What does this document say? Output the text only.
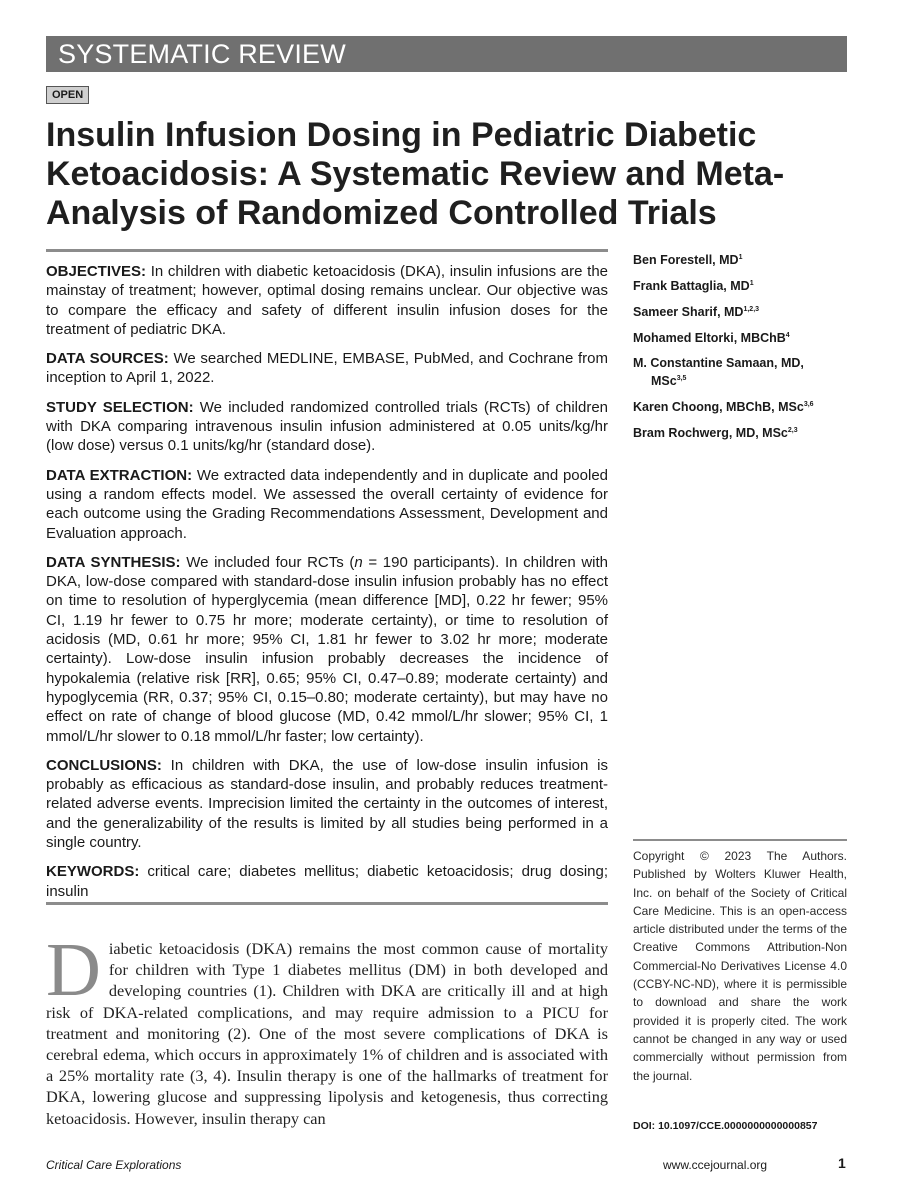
SYSTEMATIC REVIEW
OPEN
Insulin Infusion Dosing in Pediatric Diabetic Ketoacidosis: A Systematic Review and Meta-Analysis of Randomized Controlled Trials

OBJECTIVES: In children with diabetic ketoacidosis (DKA), insulin infusions are the mainstay of treatment; however, optimal dosing remains unclear. Our objective was to compare the efficacy and safety of different insulin infusion doses for the treatment of pediatric DKA.

DATA SOURCES: We searched MEDLINE, EMBASE, PubMed, and Cochrane from inception to April 1, 2022.

STUDY SELECTION: We included randomized controlled trials (RCTs) of children with DKA comparing intravenous insulin infusion administered at 0.05 units/kg/hr (low dose) versus 0.1 units/kg/hr (standard dose).

DATA EXTRACTION: We extracted data independently and in duplicate and pooled using a random effects model. We assessed the overall certainty of evidence for each outcome using the Grading Recommendations Assessment, Development and Evaluation approach.

DATA SYNTHESIS: We included four RCTs (n = 190 participants). In children with DKA, low-dose compared with standard-dose insulin infusion probably has no effect on time to resolution of hyperglycemia (mean difference [MD], 0.22 hr fewer; 95% CI, 1.19 hr fewer to 0.75 hr more; moderate certainty), or time to resolution of acidosis (MD, 0.61 hr more; 95% CI, 1.81 hr fewer to 3.02 hr more; moderate certainty). Low-dose insulin infusion probably decreases the incidence of hypokalemia (relative risk [RR], 0.65; 95% CI, 0.47–0.89; moderate certainty) and hypoglycemia (RR, 0.37; 95% CI, 0.15–0.80; moderate certainty), but may have no effect on rate of change of blood glucose (MD, 0.42 mmol/L/hr slower; 95% CI, 1 mmol/L/hr slower to 0.18 mmol/L/hr faster; low certainty).

CONCLUSIONS: In children with DKA, the use of low-dose insulin infusion is probably as efficacious as standard-dose insulin, and probably reduces treatment-related adverse events. Imprecision limited the certainty in the outcomes of interest, and the generalizability of the results is limited by all studies being performed in a single country.

KEYWORDS: critical care; diabetes mellitus; diabetic ketoacidosis; drug dosing; insulin

Ben Forestell, $MD^1$
Frank Battaglia, $MD^1$
Sameer Sharif, MD$^{1,2,3}$
Mohamed Eltorki, MBChB$^4$
M. Constantine Samaan, MD,
MSc$^{3,5}$
Karen Choong, MBChB, MSc$^{3,6}$
Bram Rochwerg, MD, MSc$^{2,3}$
Copyright © 2023 The Authors. Published by Wolters Kluwer Health, Inc. on behalf of the Society of Critical Care Medicine. This is an open-access article distributed under the terms of the Creative Commons Attribution-Non Commercial-No Derivatives License 4.0 (CCBY-NC-ND), where it is permissible to download and share the work provided it is properly cited. The work cannot be changed in any way or used commercially without permission from the journal.
DOI: 10.1097/CCE.0000000000000857
Diabetic ketoacidosis (DKA) remains the most common cause of mortality for children with Type 1 diabetes mellitus (DM) in both developed and developing countries (1). Children with DKA are critically ill and at high risk of DKA-related complications, and may require admission to a PICU for treatment and monitoring (2). One of the most severe complications of DKA is cerebral edema, which occurs in approximately 1% of children and is associated with a 25% mortality rate (3, 4). Insulin therapy is one of the hallmarks of treatment for DKA, lowering glucose and suppressing lipolysis and ketogenesis, thus correcting ketoacidosis. However, insulin therapy can
Critical Care Explorations	www.ccejournal.org	1
